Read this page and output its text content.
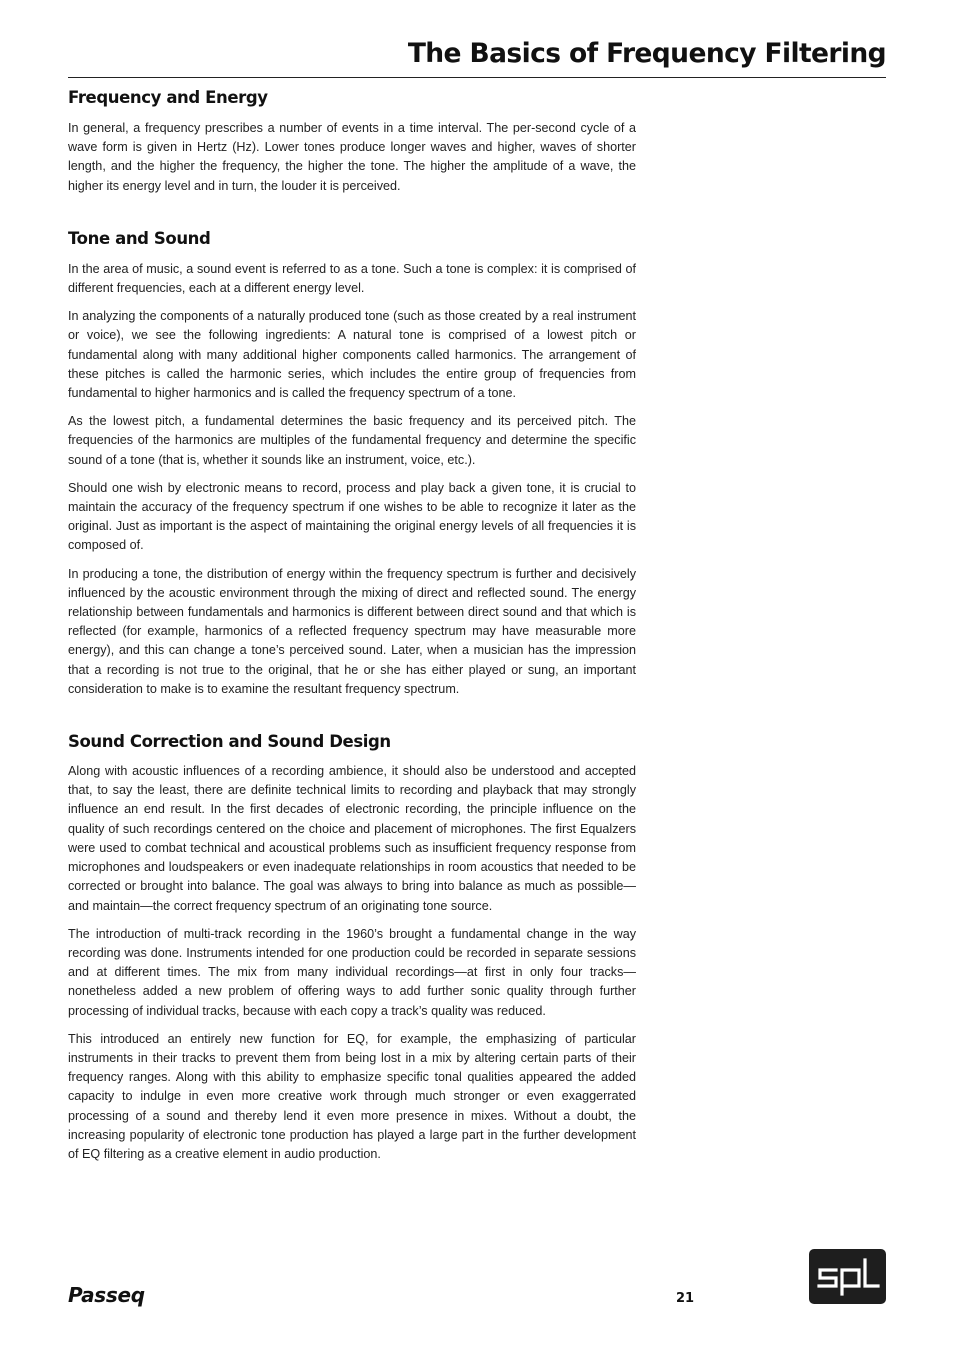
The Basics of Frequency Filtering
Frequency and Energy

In general, a frequency prescribes a number of events in a time interval. The per-second cycle of a wave form is given in Hertz (Hz). Lower tones produce longer waves and higher, waves of shorter length, and the higher the frequency, the higher the tone. The higher the amplitude of a wave, the higher its energy level and in turn, the louder it is perceived.

Tone and Sound

In the area of music, a sound event is referred to as a tone. Such a tone is complex: it is comprised of different frequencies, each at a different energy level.

In analyzing the components of a naturally produced tone (such as those created by a real instrument or voice), we see the following ingredients: A natural tone is comprised of a lowest pitch or fundamental along with many additional higher components called harmonics. The arrangement of these pitches is called the harmonic series, which includes the entire group of frequencies from fundamental to higher harmonics and is called the frequency spectrum of a tone.

As the lowest pitch, a fundamental determines the basic frequency and its perceived pitch. The frequencies of the harmonics are multiples of the fundamental frequency and determine the specific sound of a tone (that is, whether it sounds like an instrument, voice, etc.).

Should one wish by electronic means to record, process and play back a given tone, it is crucial to maintain the accuracy of the frequency spectrum if one wishes to be able to recognize it later as the original. Just as important is the aspect of maintaining the original energy levels of all frequencies it is composed of.

In producing a tone, the distribution of energy within the frequency spectrum is further and decisively influenced by the acoustic environment through the mixing of direct and reflected sound. The energy relationship between fundamentals and harmonics is different between direct sound and that which is reflected (for example, harmonics of a reflected frequency spectrum may have measurable more energy), and this can change a tone’s perceived sound. Later, when a musician has the impression that a recording is not true to the original, that he or she has either played or sung, an important consideration to make is to examine the resultant frequency spectrum.

Sound Correction and Sound Design

Along with acoustic influences of a recording ambience, it should also be understood and accepted that, to say the least, there are definite technical limits to recording and playback that may strongly influence an end result. In the first decades of electronic recording, the principle influence on the quality of such recordings centered on the choice and placement of microphones. The first Equalzers were used to combat technical and acoustical problems such as insufficient frequency response from microphones and loudspeakers or even inadequate relationships in room acoustics that needed to be corrected or brought into balance. The goal was always to bring into balance as much as possible—and maintain—the correct frequency spectrum of an originating tone source.

The introduction of multi-track recording in the 1960’s brought a fundamental change in the way recording was done. Instruments intended for one production could be recorded in separate sessions and at different times. The mix from many individual recordings—at first in only four tracks—nonetheless added a new problem of offering ways to add further sonic quality through further processing of individual tracks, because with each copy a track’s quality was reduced.

This introduced an entirely new function for EQ, for example, the emphasizing of particular instruments in their tracks to prevent them from being lost in a mix by altering certain parts of their frequency ranges. Along with this ability to emphasize specific tonal qualities appeared the added capacity to indulge in even more creative work through much stronger or even exaggerrated processing of a sound and thereby lend it even more presence in mixes. Without a doubt, the increasing popularity of electronic tone production has played a large part in the further development of EQ filtering as a creative element in audio production.

Passeq	21
